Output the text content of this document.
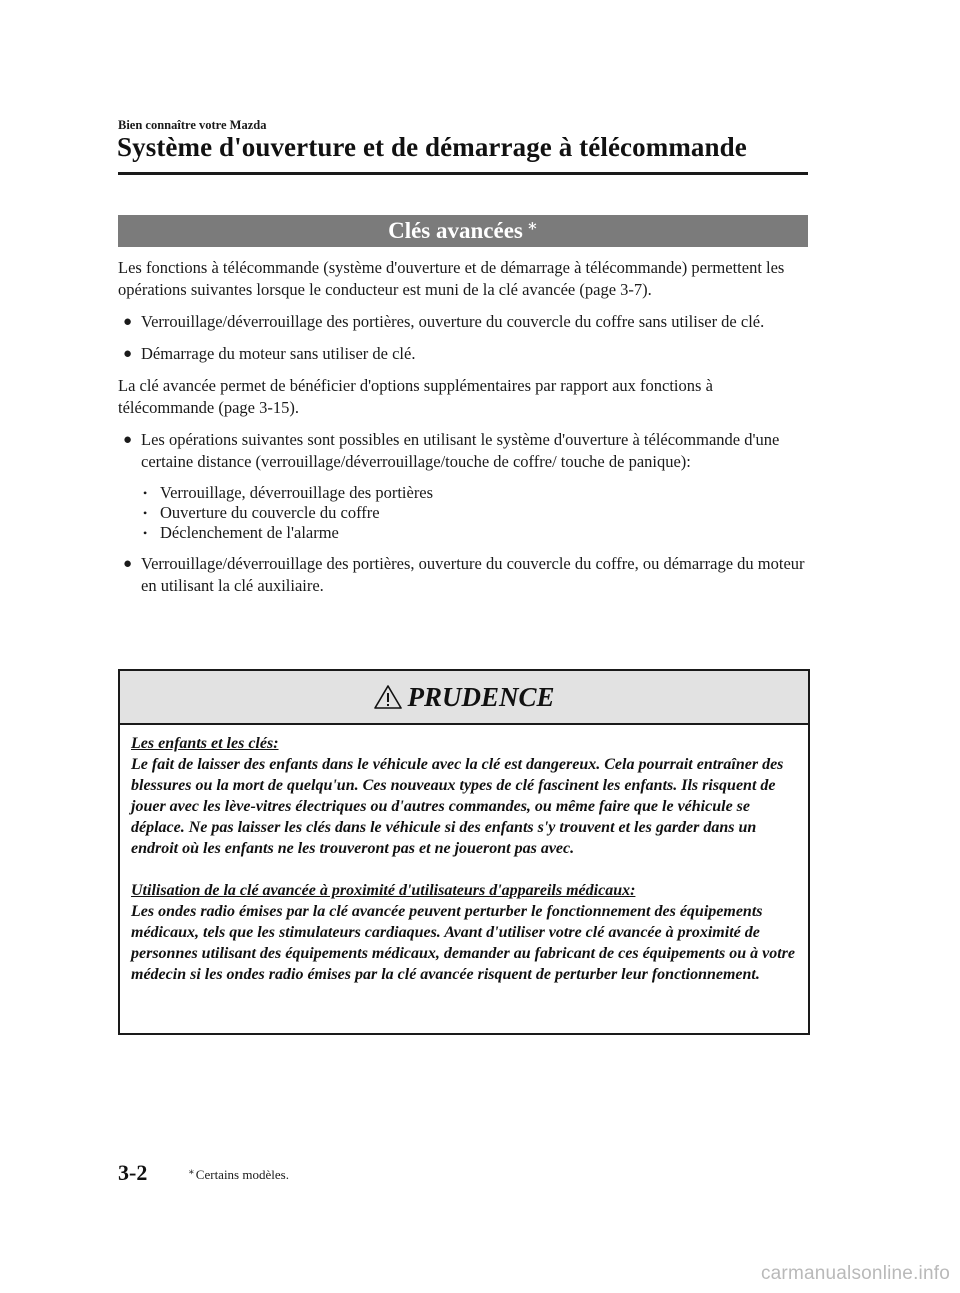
Bien connaître votre Mazda
Système d'ouverture et de démarrage à télécommande
Clés avancées ∗

Les fonctions à télécommande (système d'ouverture et de démarrage à télécommande) permettent les opérations suivantes lorsque le conducteur est muni de la clé avancée (page 3-7).

● Verrouillage/déverrouillage des portières, ouverture du couvercle du coffre sans utiliser de clé.
● Démarrage du moteur sans utiliser de clé.

La clé avancée permet de bénéficier d'options supplémentaires par rapport aux fonctions à télécommande (page 3-15).

● Les opérations suivantes sont possibles en utilisant le système d'ouverture à télécommande d'une certaine distance (verrouillage/déverrouillage/touche de coffre/ touche de panique):
• Verrouillage, déverrouillage des portières
• Ouverture du couvercle du coffre
• Déclenchement de l'alarme
● Verrouillage/déverrouillage des portières, ouverture du couvercle du coffre, ou démarrage du moteur en utilisant la clé auxiliaire.
PRUDENCE

Les enfants et les clés:
Le fait de laisser des enfants dans le véhicule avec la clé est dangereux. Cela pourrait entraîner des blessures ou la mort de quelqu'un. Ces nouveaux types de clé fascinent les enfants. Ils risquent de jouer avec les lève-vitres électriques ou d'autres commandes, ou même faire que le véhicule se déplace. Ne pas laisser les clés dans le véhicule si des enfants s'y trouvent et les garder dans un endroit où les enfants ne les trouveront pas et ne joueront pas avec.

Utilisation de la clé avancée à proximité d'utilisateurs d'appareils médicaux:
Les ondes radio émises par la clé avancée peuvent perturber le fonctionnement des équipements médicaux, tels que les stimulateurs cardiaques. Avant d'utiliser votre clé avancée à proximité de personnes utilisant des équipements médicaux, demander au fabricant de ces équipements ou à votre médecin si les ondes radio émises par la clé avancée risquent de perturber leur fonctionnement.

3-2	∗Certains modèles.
carmanualsonline.info
